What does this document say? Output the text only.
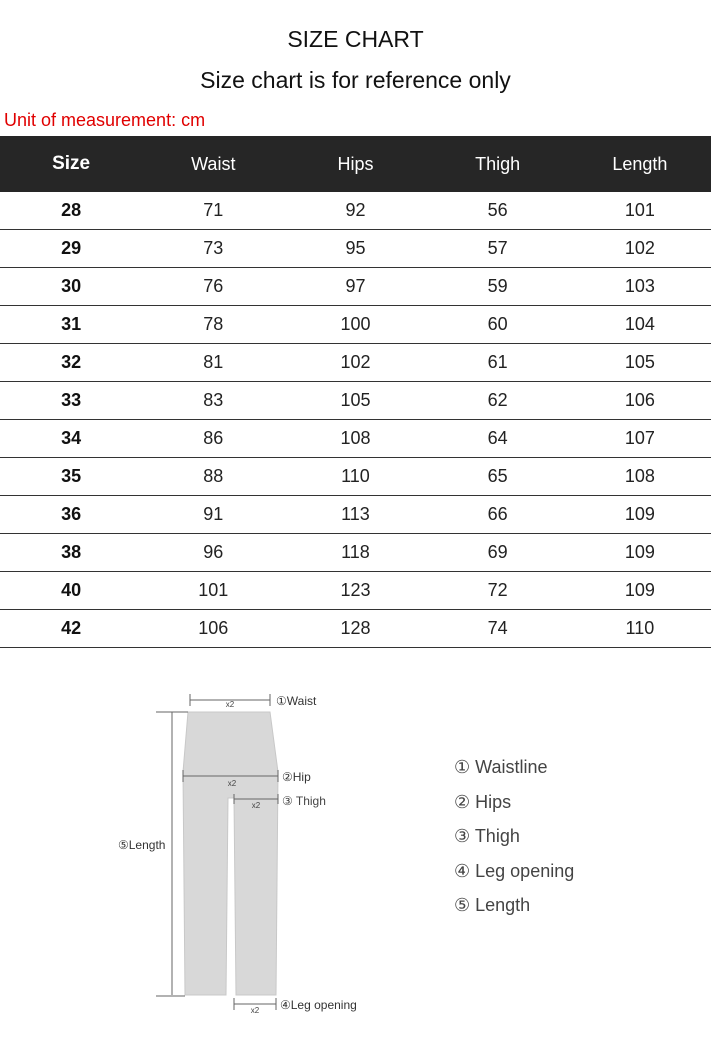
SIZE CHART
Size chart is for reference only
Unit of measurement: cm
Size	Waist	Hips	Thigh	Length
28	71	92	56	101
29	73	95	57	102
30	76	97	59	103
31	78	100	60	104
32	81	102	61	105
33	83	105	62	106
34	86	108	64	107
35	88	110	65	108
36	91	113	66	109
38	96	118	69	109
40	101	123	72	109
42	106	128	74	110
x2	①Waist
x2	②Hip
x2 ③ Thigh
⑤Length
x2 ④Leg opening
① Waistline
② Hips
③ Thigh
④ Leg opening
⑤ Length
